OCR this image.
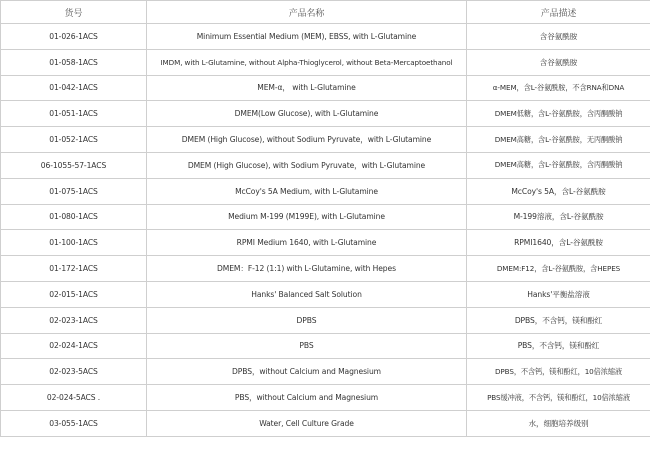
货号	产品名称	产品描述
01-026-1ACS	Minimum Essential Medium (MEM), EBSS, with L-Glutamine	含谷氨酰胺
01-058-1ACS	IMDM, with L-Glutamine, without Alpha-Thioglycerol, without Beta-Mercaptoethanol	含谷氨酰胺
01-042-1ACS	MEM-α， with L-Glutamine	α-MEM，含L-谷氨酰胺，不含RNA和DNA
01-051-1ACS	DMEM(Low Glucose), with L-Glutamine	DMEM低糖，含L-谷氨酰胺，含丙酮酸钠
01-052-1ACS	DMEM (High Glucose), without Sodium Pyruvate，with L-Glutamine	DMEM高糖，含L-谷氨酰胺，无丙酮酸钠
06-1055-57-1ACS	DMEM (High Glucose), with Sodium Pyruvate，with L-Glutamine	DMEM高糖，含L-谷氨酰胺，含丙酮酸钠
01-075-1ACS	McCoy's 5A Medium, with L-Glutamine	McCoy's 5A，含L-谷氨酰胺
01-080-1ACS	Medium M-199 (M199E), with L-Glutamine	M-199溶液，含L-谷氨酰胺
01-100-1ACS	RPMI Medium 1640, with L-Glutamine	RPMI1640，含L-谷氨酰胺
01-172-1ACS	DMEM：F-12 (1:1) with L-Glutamine, with Hepes	DMEM:F12，含L-谷氨酰胺，含HEPES
02-015-1ACS	Hanks' Balanced Salt Solution	Hanks'平衡盐溶液
02-023-1ACS	DPBS	DPBS，不含钙，镁和酚红
02-024-1ACS	PBS	PBS，不含钙，镁和酚红
02-023-5ACS	DPBS，without Calcium and Magnesium	DPBS，不含钙，镁和酚红，10倍浓缩液
02-024-5ACS .	PBS，without Calcium and Magnesium	PBS缓冲液，不含钙，镁和酚红，10倍浓缩液
03-055-1ACS	Water, Cell Culture Grade	水，细胞培养级别
